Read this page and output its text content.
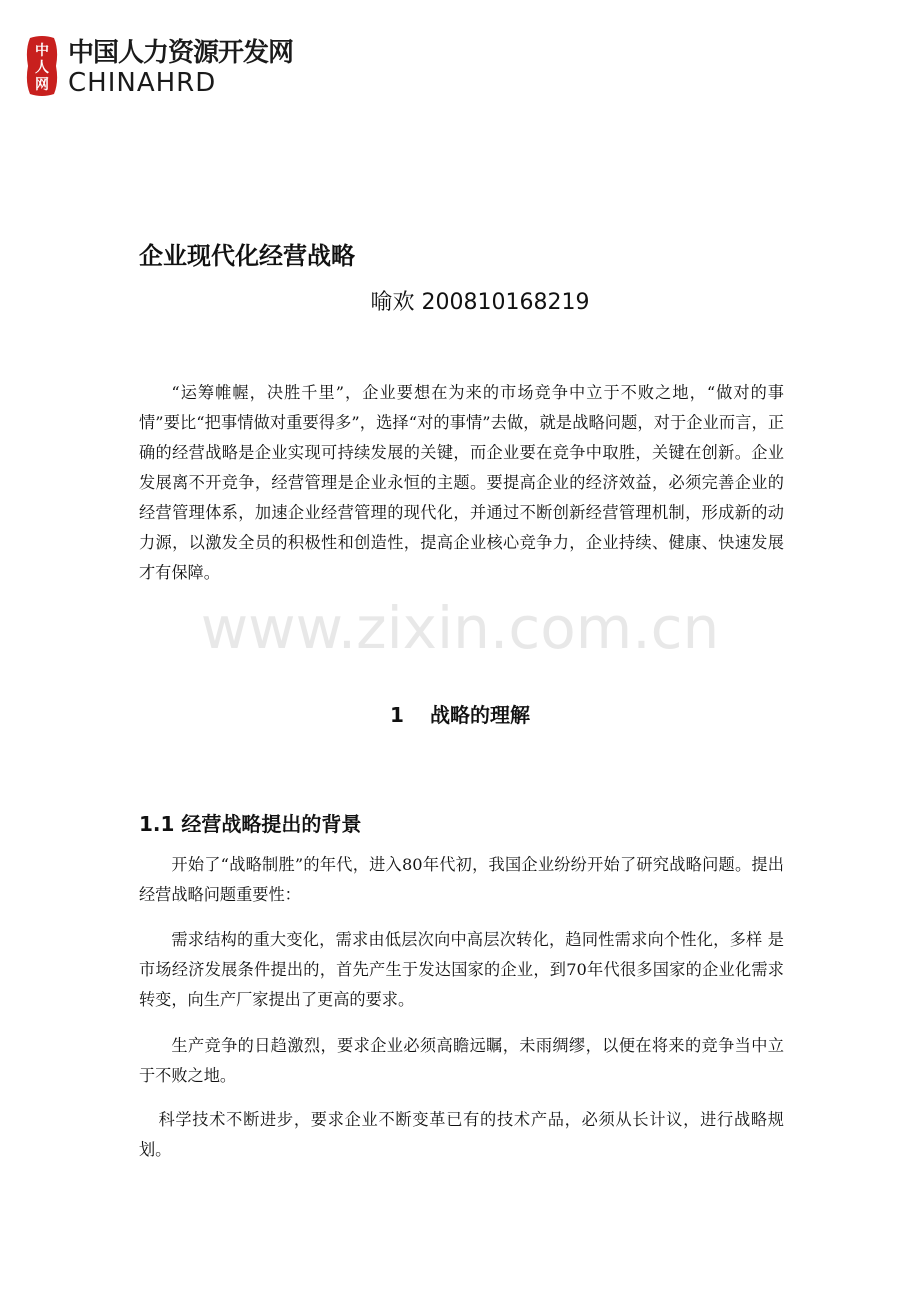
中
人
网
中国人力资源开发网
CHINAHRD
企业现代化经营战略
喻欢 200810168219

“运筹帷幄，决胜千里”，企业要想在为来的市场竞争中立于不败之地，“做对的事情”要比“把事情做对重要得多”，选择“对的事情”去做，就是战略问题，对于企业而言，正确的经营战略是企业实现可持续发展的关键，而企业要在竞争中取胜，关键在创新。企业发展离不开竞争，经营管理是企业永恒的主题。要提高企业的经济效益，必须完善企业的经营管理体系，加速企业经营管理的现代化，并通过不断创新经营管理机制，形成新的动力源，以激发全员的积极性和创造性，提高企业核心竞争力，企业持续、健康、快速发展才有保障。

www.zixin.com.cn
1 战略的理解
1.1 经营战略提出的背景

开始了“战略制胜”的年代，进入80年代初，我国企业纷纷开始了研究战略问题。提出经营战略问题重要性：

需求结构的重大变化，需求由低层次向中高层次转化，趋同性需求向个性化，多样 是市场经济发展条件提出的，首先产生于发达国家的企业，到70年代很多国家的企业化需求转变，向生产厂家提出了更高的要求。

生产竞争的日趋激烈，要求企业必须高瞻远瞩，未雨绸缪，以便在将来的竞争当中立于不败之地。

科学技术不断进步，要求企业不断变革已有的技术产品，必须从长计议，进行战略规划。
